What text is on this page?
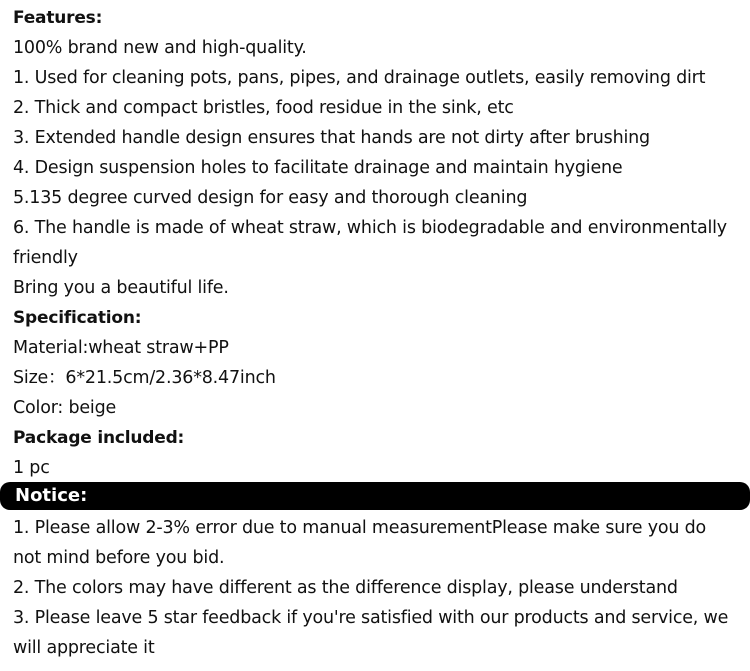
Features:
100% brand new and high-quality.
1. Used for cleaning pots, pans, pipes, and drainage outlets, easily removing dirt
2. Thick and compact bristles, food residue in the sink, etc
3. Extended handle design ensures that hands are not dirty after brushing
4. Design suspension holes to facilitate drainage and maintain hygiene
5.135 degree curved design for easy and thorough cleaning
6. The handle is made of wheat straw, which is biodegradable and environmentally
friendly
Bring you a beautiful life.
Specification:
Material:wheat straw+PP
Size：6*21.5cm/2.36*8.47inch
Color: beige
Package included:
1 pc
Notice:
1. Please allow 2-3% error due to manual measurementPlease make sure you do
not mind before you bid.
2. The colors may have different as the difference display, please understand
3. Please leave 5 star feedback if you're satisfied with our products and service, we
will appreciate it
